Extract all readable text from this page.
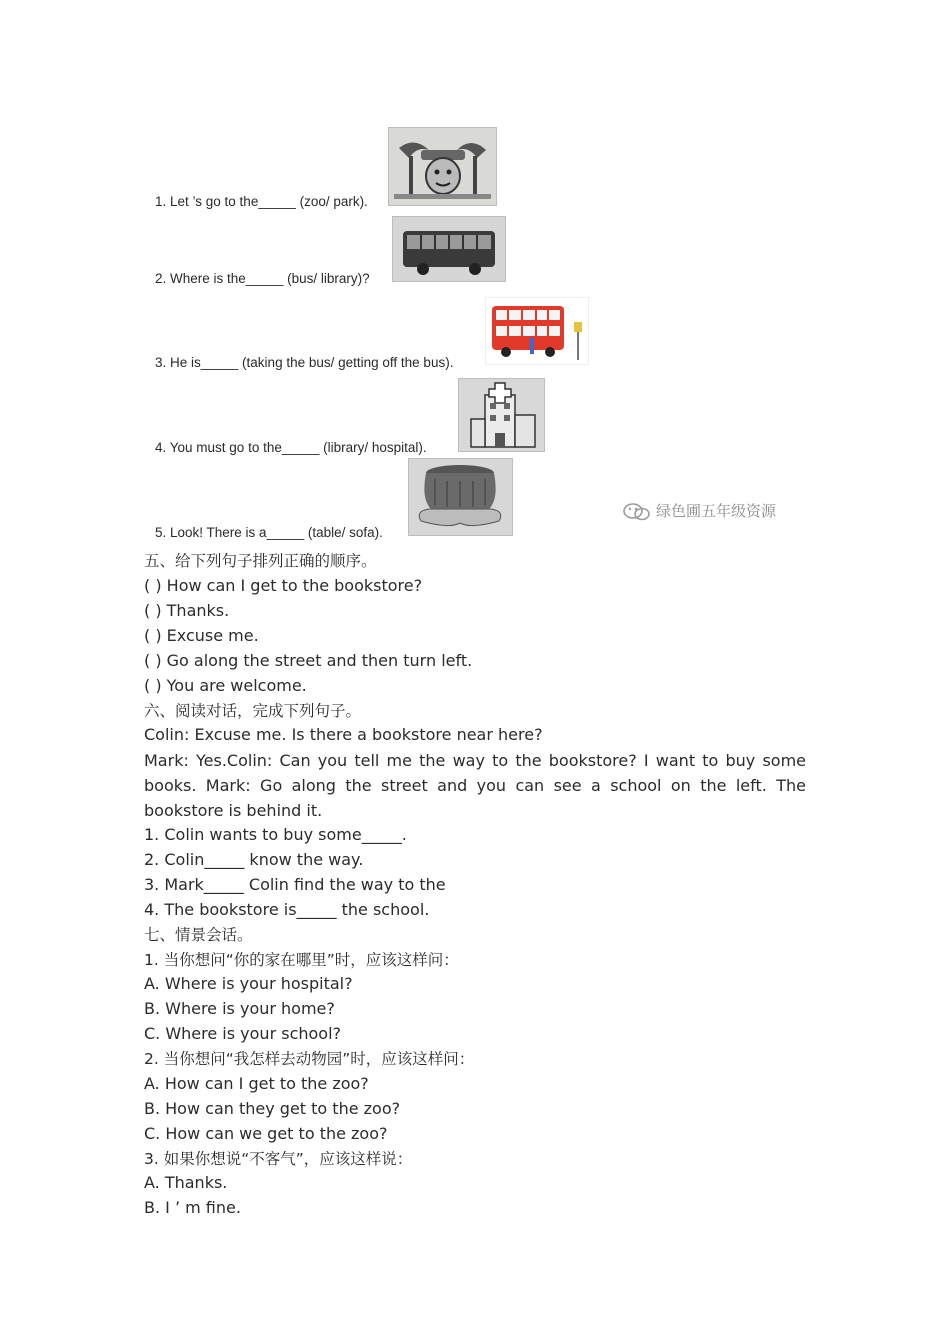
1. Let ’s go to the_____ (zoo/ park).
2. Where is the_____ (bus/ library)?
3. He is_____ (taking the bus/ getting off the bus).
4. You must go to the_____ (library/ hospital).
5. Look! There is a_____ (table/ sofa).
绿色圃五年级资源
五、给下列句子排列正确的顺序。
( ) How can I get to the bookstore?
( ) Thanks.
( ) Excuse me.
( ) Go along the street and then turn left.
( ) You are welcome.
六、阅读对话，完成下列句子。
Colin: Excuse me. Is there a bookstore near here?
Mark: Yes.Colin: Can you tell me the way to the bookstore? I want to buy some books. Mark: Go along the street and you can see a school on the left. The bookstore is behind it.
1. Colin wants to buy some_____.
2. Colin_____ know the way.
3. Mark_____ Colin find the way to the
4. The bookstore is_____ the school.
七、情景会话。
1. 当你想问“你的家在哪里”时，应该这样问：
A. Where is your hospital?
B. Where is your home?
C. Where is your school?
2. 当你想问“我怎样去动物园”时，应该这样问：
A. How can I get to the zoo?
B. How can they get to the zoo?
C. How can we get to the zoo?
3. 如果你想说“不客气”，应该这样说：
A. Thanks.
B. I ’ m fine.
